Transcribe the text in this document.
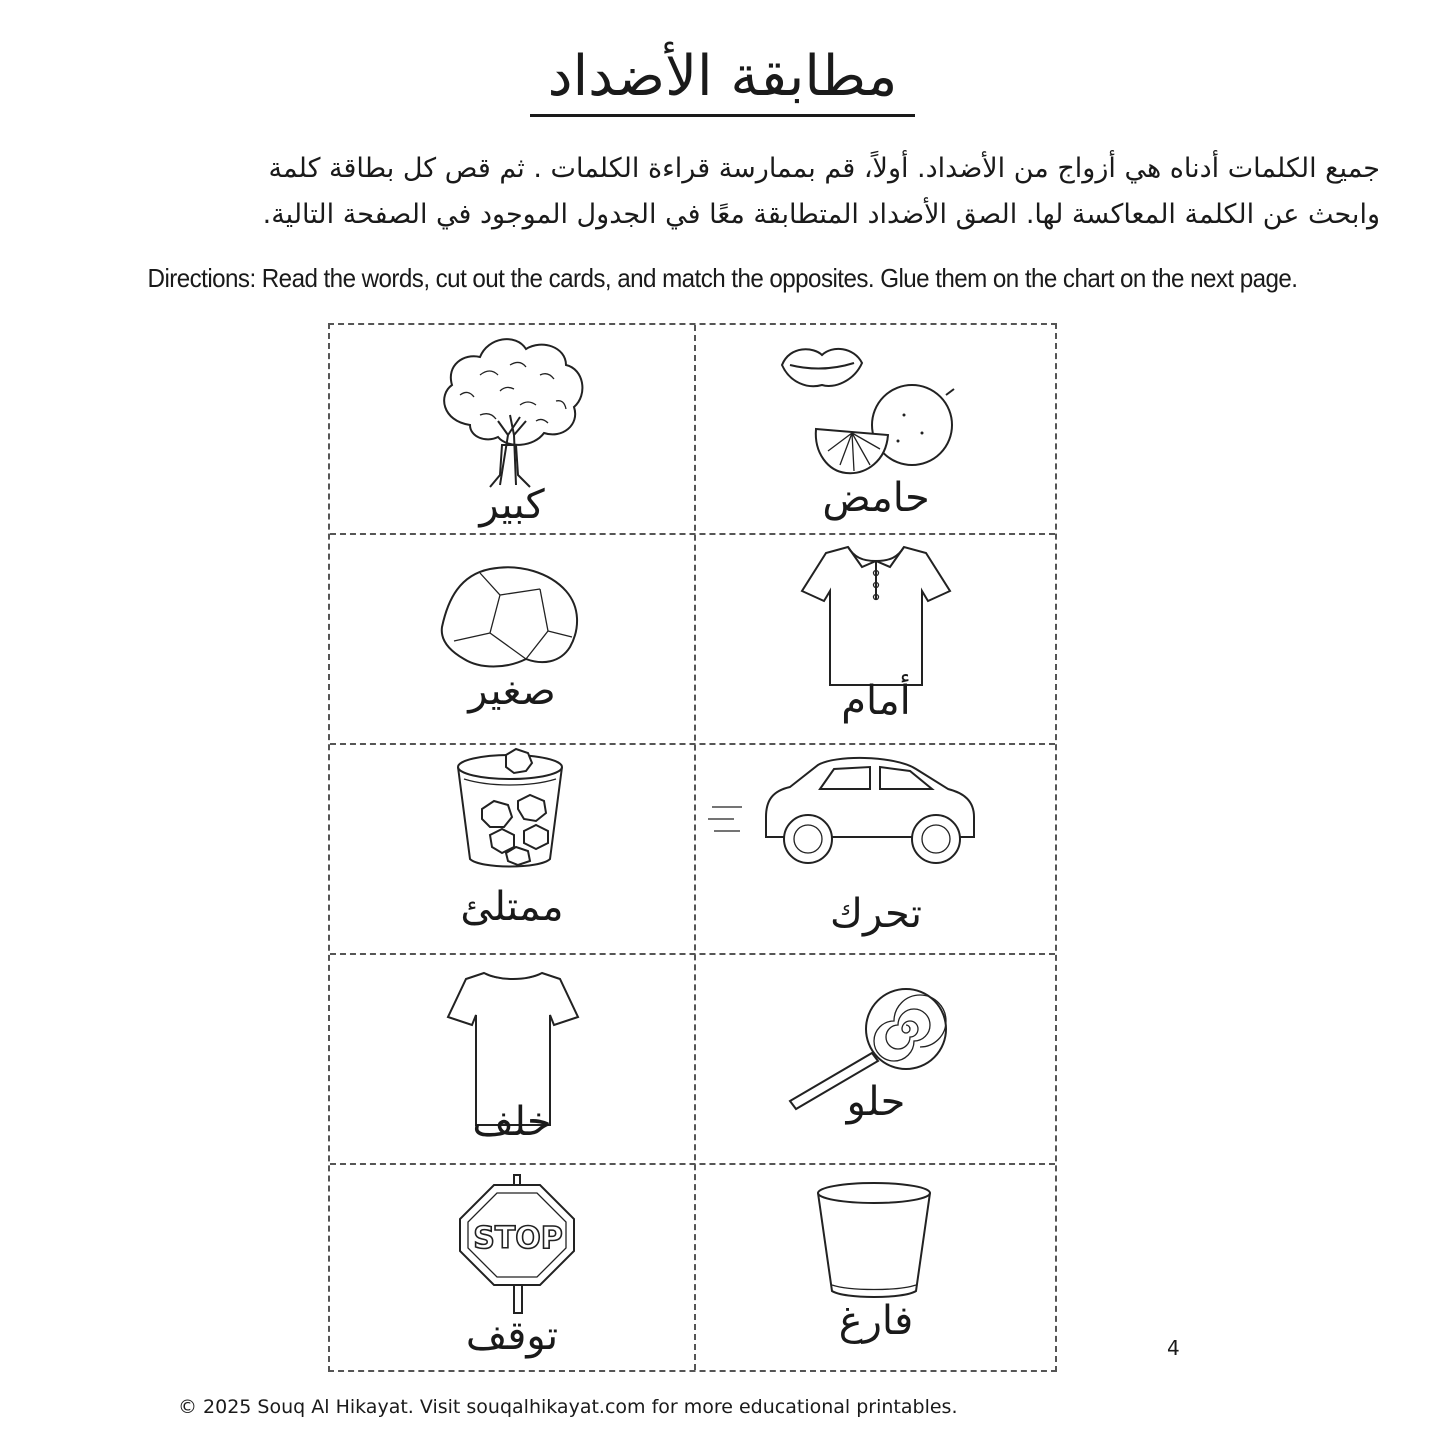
مطابقة الأضداد
جميع الكلمات أدناه هي أزواج من الأضداد. أولاً، قم بممارسة قراءة الكلمات . ثم قص كل بطاقة كلمة
وابحث عن الكلمة المعاكسة لها. الصق الأضداد المتطابقة معًا في الجدول الموجود في الصفحة التالية.
Directions: Read the words, cut out the cards, and match the opposites. Glue them on the chart on the next page.
كبير	حامض
صغير	أمام
ممتلئ	تحرك
خلف	حلو
STOP
توقف	فارغ
4
© 2025 Souq Al Hikayat. Visit souqalhikayat.com for more educational printables.
